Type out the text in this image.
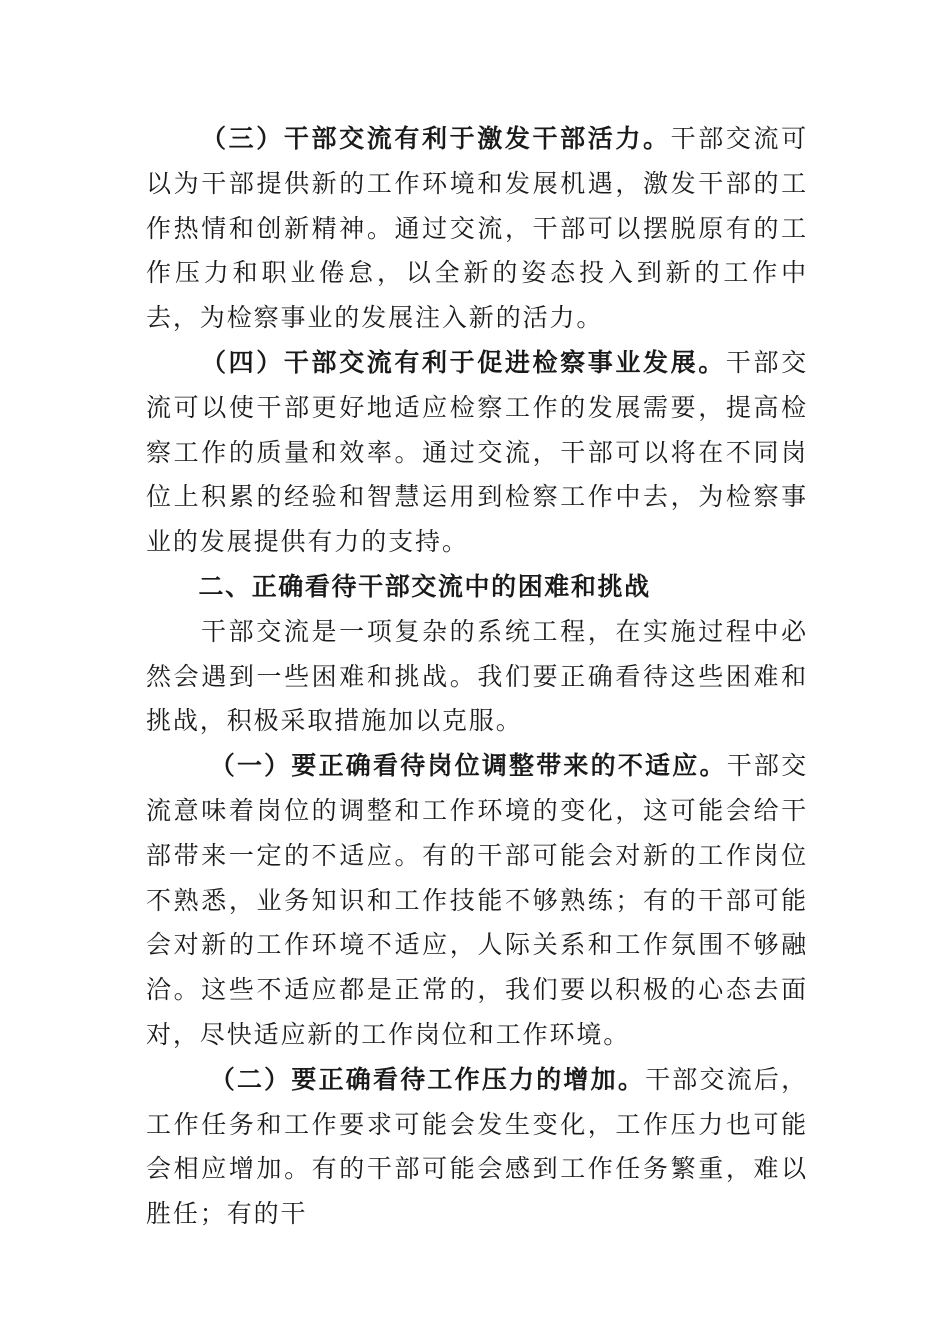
（三）干部交流有利于激发干部活力。干部交流可以为干部提供新的工作环境和发展机遇，激发干部的工作热情和创新精神。通过交流，干部可以摆脱原有的工作压力和职业倦怠，以全新的姿态投入到新的工作中去，为检察事业的发展注入新的活力。

（四）干部交流有利于促进检察事业发展。干部交流可以使干部更好地适应检察工作的发展需要，提高检察工作的质量和效率。通过交流，干部可以将在不同岗位上积累的经验和智慧运用到检察工作中去，为检察事业的发展提供有力的支持。

二、正确看待干部交流中的困难和挑战

干部交流是一项复杂的系统工程，在实施过程中必然会遇到一些困难和挑战。我们要正确看待这些困难和挑战，积极采取措施加以克服。

（一）要正确看待岗位调整带来的不适应。干部交流意味着岗位的调整和工作环境的变化，这可能会给干部带来一定的不适应。有的干部可能会对新的工作岗位不熟悉，业务知识和工作技能不够熟练；有的干部可能会对新的工作环境不适应，人际关系和工作氛围不够融洽。这些不适应都是正常的，我们要以积极的心态去面对，尽快适应新的工作岗位和工作环境。

（二）要正确看待工作压力的增加。干部交流后，工作任务和工作要求可能会发生变化，工作压力也可能会相应增加。有的干部可能会感到工作任务繁重，难以胜任；有的干
